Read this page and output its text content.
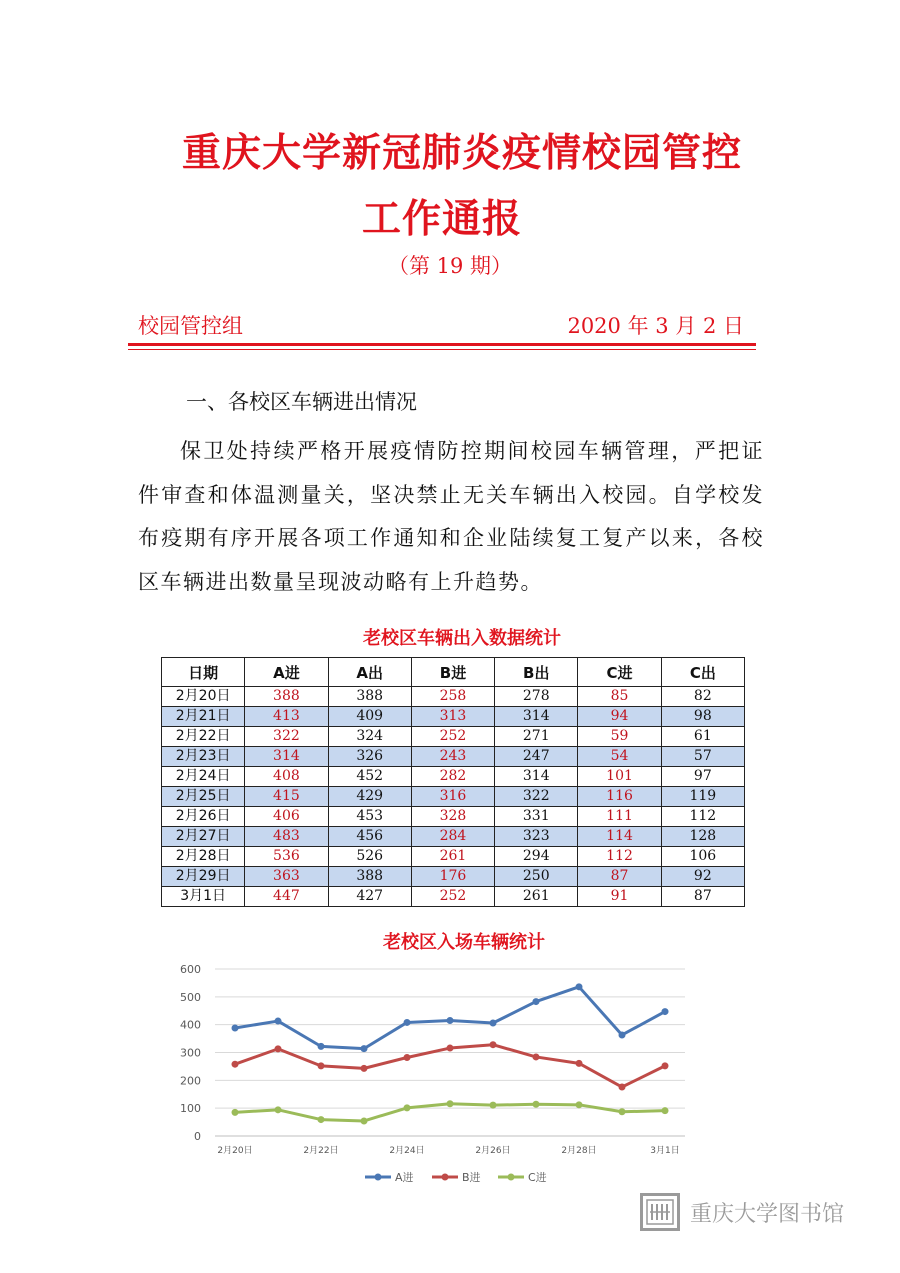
重庆大学新冠肺炎疫情校园管控
工作通报
（第 19 期）
校园管控组	2020 年 3 月 2 日
一、各校区车辆进出情况
保卫处持续严格开展疫情防控期间校园车辆管理，严把证件审查和体温测量关，坚决禁止无关车辆出入校园。自学校发布疫期有序开展各项工作通知和企业陆续复工复产以来，各校区车辆进出数量呈现波动略有上升趋势。
老校区车辆出入数据统计
日期	A进	A出	B进	B出	C进	C出
2月20日	388	388	258	278	85	82
2月21日	413	409	313	314	94	98
2月22日	322	324	252	271	59	61
2月23日	314	326	243	247	54	57
2月24日	408	452	282	314	101	97
2月25日	415	429	316	322	116	119
2月26日	406	453	328	331	111	112
2月27日	483	456	284	323	114	128
2月28日	536	526	261	294	112	106
2月29日	363	388	176	250	87	92
3月1日	447	427	252	261	91	87
老校区入场车辆统计
0
100
200
300
400
500
600
2月20日	2月22日	2月24日	2月26日	2月28日	3月1日
A进	B进	C进
重庆大学图书馆
